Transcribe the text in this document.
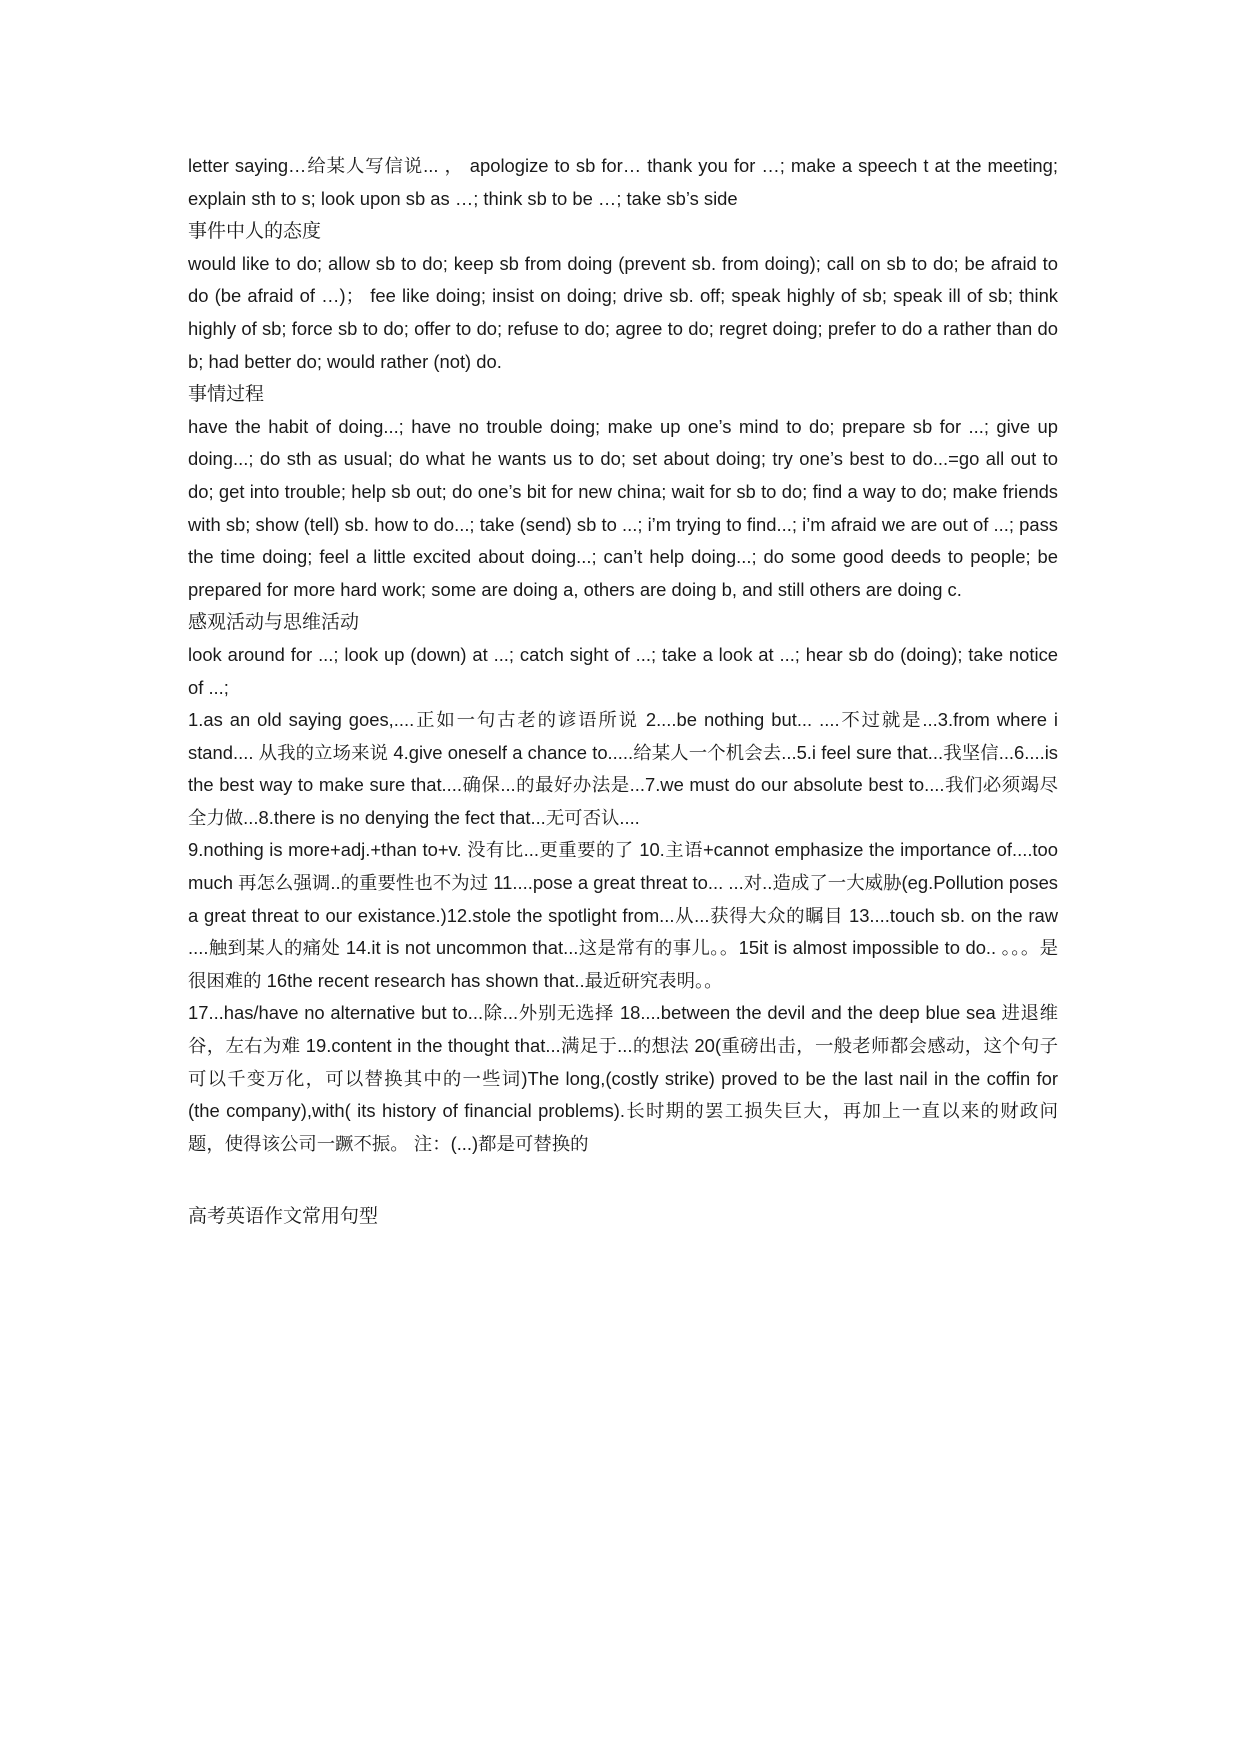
letter saying…给某人写信说... ， apologize to sb for… thank you for …; make a speech t at the meeting; explain sth to s; look upon sb as …; think sb to be …; take sb’s side

事件中人的态度

would like to do; allow sb to do; keep sb from doing (prevent sb. from doing); call on sb to do; be afraid to do (be afraid of …)； fee like doing; insist on doing; drive sb. off; speak highly of sb; speak ill of sb; think highly of sb; force sb to do; offer to do; refuse to do; agree to do; regret doing; prefer to do a rather than do b; had better do; would rather (not) do.

事情过程

have the habit of doing...; have no trouble doing; make up one’s mind to do; prepare sb for ...; give up doing...; do sth as usual; do what he wants us to do; set about doing; try one’s best to do...=go all out to do; get into trouble; help sb out; do one’s bit for new china; wait for sb to do; find a way to do; make friends with sb; show (tell) sb. how to do...; take (send) sb to ...; i’m trying to find...; i’m afraid we are out of ...; pass the time doing; feel a little excited about doing...; can’t help doing...; do some good deeds to people; be prepared for more hard work; some are doing a, others are doing b, and still others are doing c.

感观活动与思维活动

look around for ...; look up (down) at ...; catch sight of ...; take a look at ...; hear sb do (doing); take notice of ...;

1.as an old saying goes,....正如一句古老的谚语所说 2....be nothing but... ....不过就是...3.from where i stand.... 从我的立场来说 4.give oneself a chance to.....给某人一个机会去...5.i feel sure that...我坚信...6....is the best way to make sure that....确保...的最好办法是...7.we must do our absolute best to....我们必须竭尽全力做...8.there is no denying the fect that...无可否认....

9.nothing is more+adj.+than to+v. 没有比...更重要的了 10.主语+cannot emphasize the importance of....too much 再怎么强调..的重要性也不为过 11....pose a great threat to... ...对..造成了一大威胁(eg.Pollution poses a great threat to our existance.)12.stole the spotlight from...从...获得大众的瞩目 13....touch sb. on the raw ....触到某人的痛处 14.it is not uncommon that...这是常有的事儿。。15it is almost impossible to do.. 。。。是很困难的 16the recent research has shown that..最近研究表明。。

17...has/have no alternative but to...除...外别无选择 18....between the devil and the deep blue sea 进退维谷，左右为难 19.content in the thought that...满足于...的想法 20(重磅出击，一般老师都会感动，这个句子可以千变万化，可以替换其中的一些词)The long,(costly strike) proved to be the last nail in the coffin for (the company),with( its history of financial problems).长时期的罢工损失巨大，再加上一直以来的财政问题，使得该公司一蹶不振。 注：(...)都是可替换的

高考英语作文常用句型
